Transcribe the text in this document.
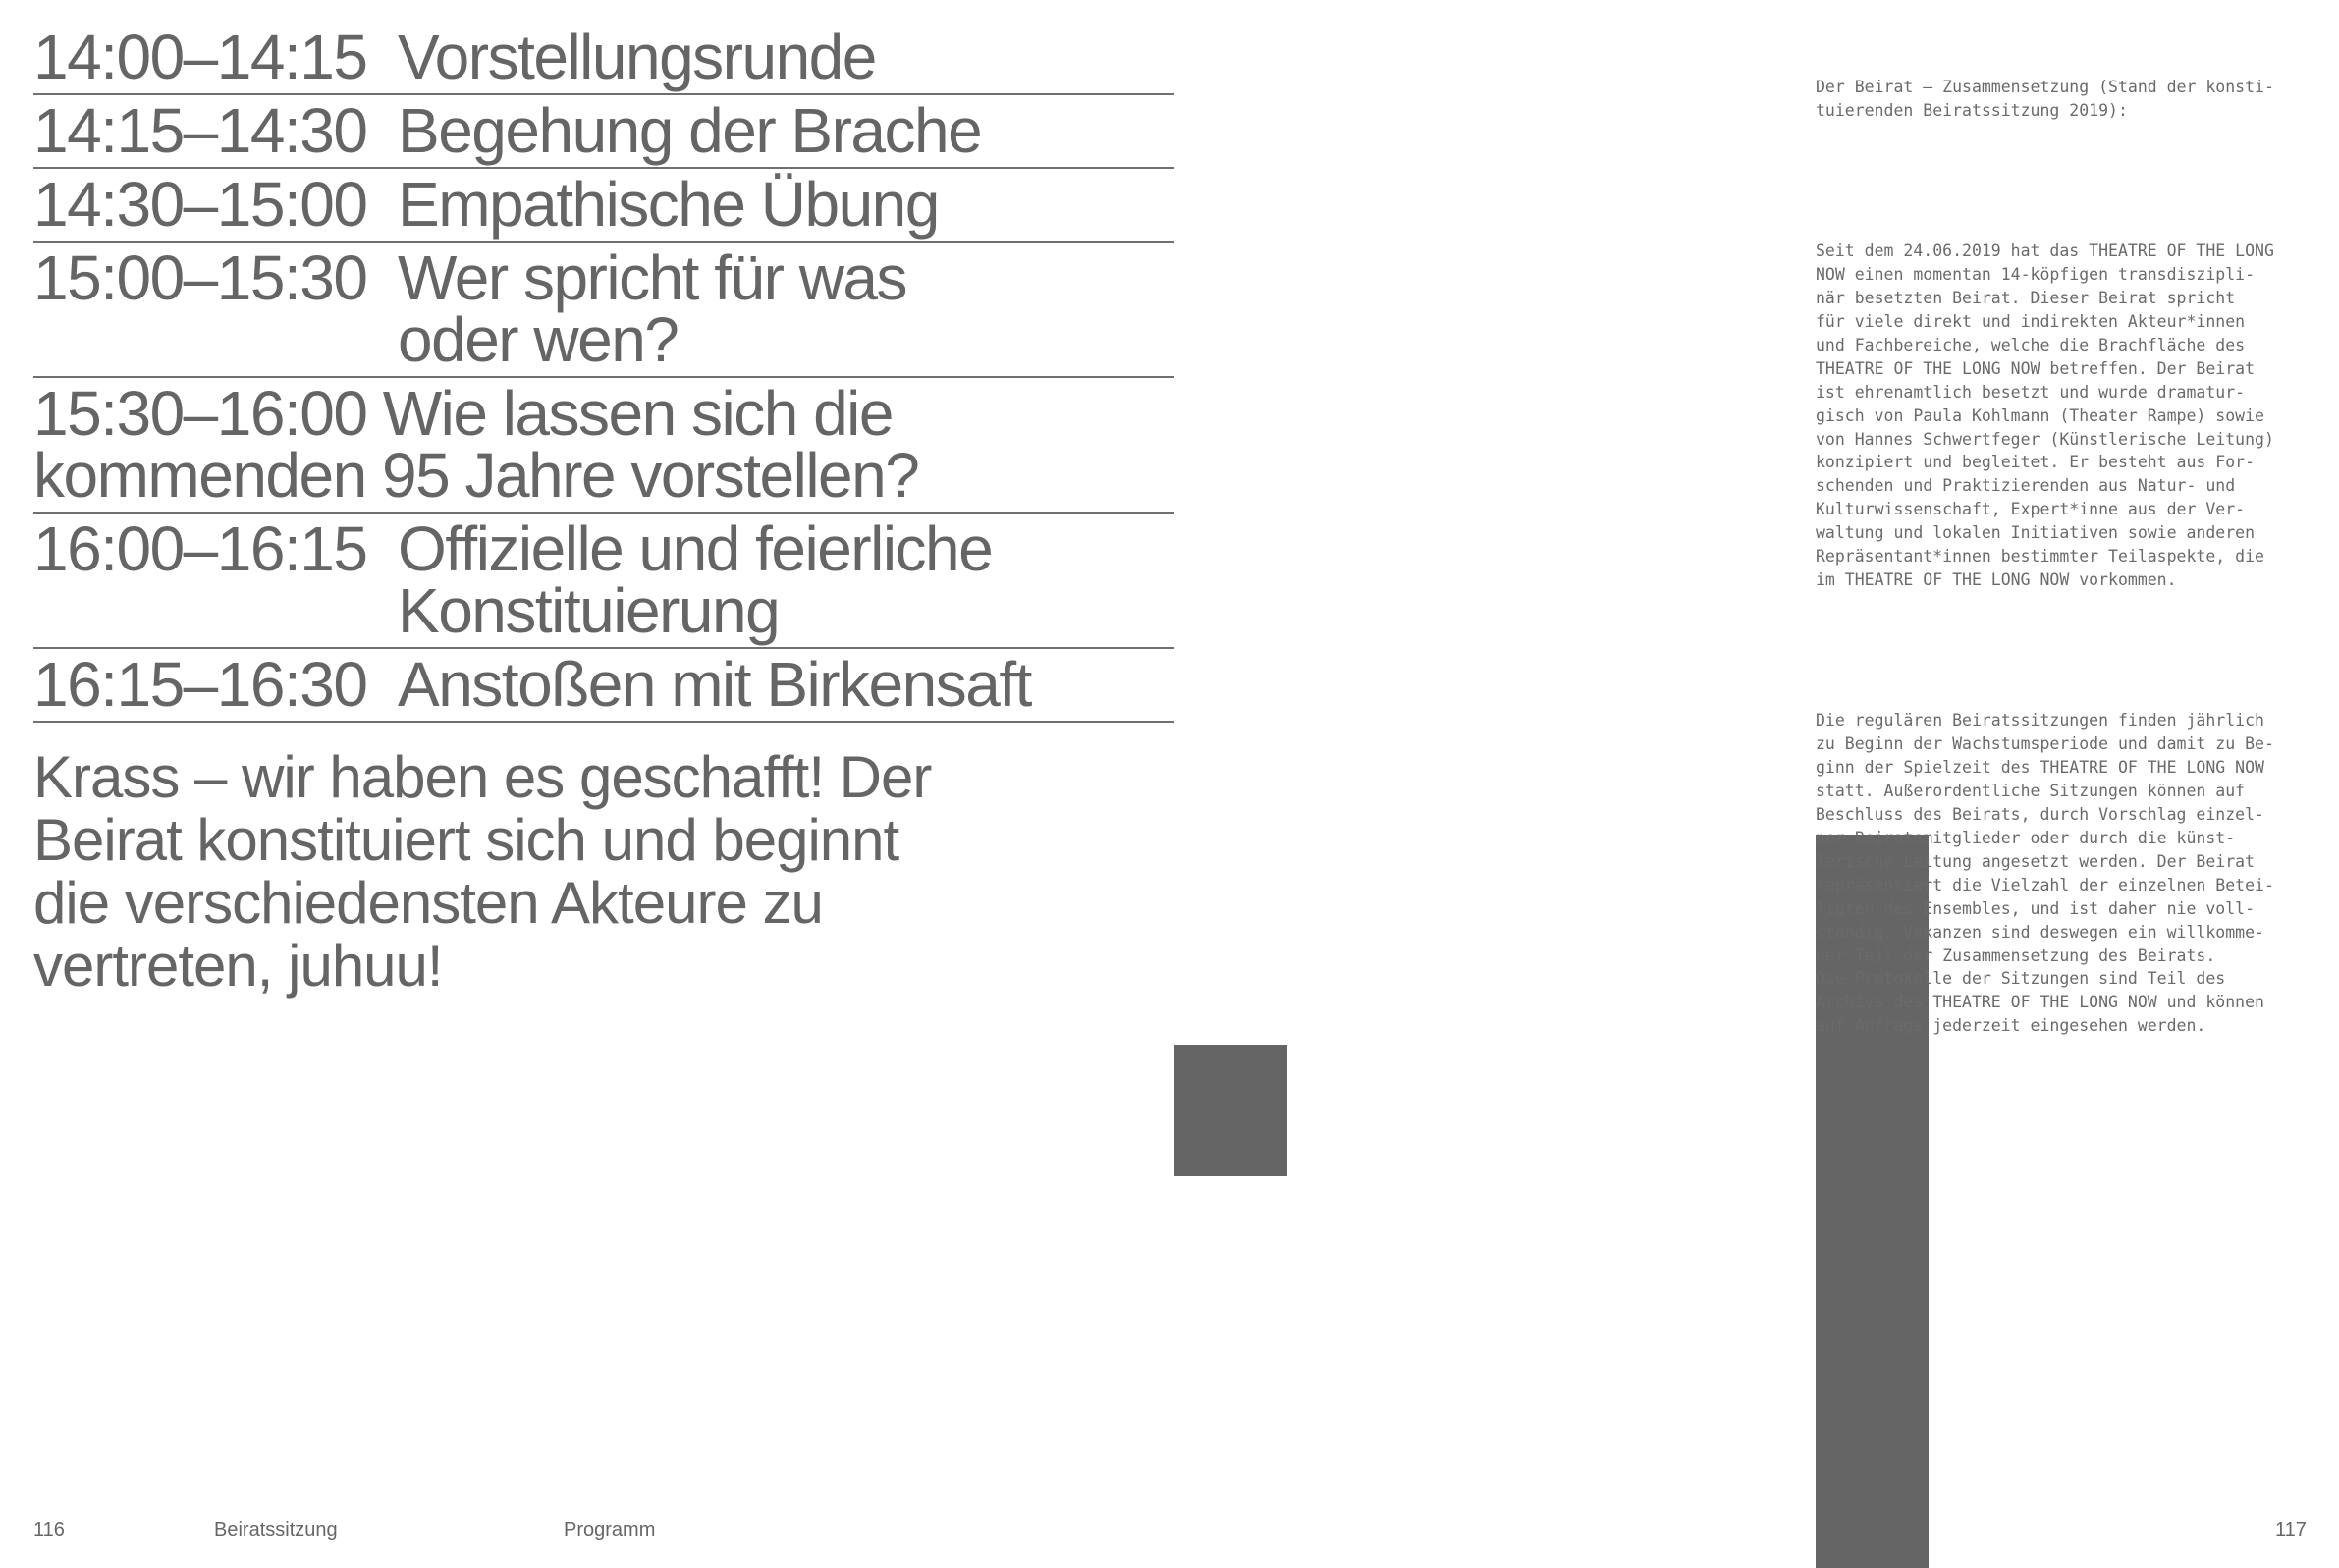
14:00–14:15 Vorstellungsrunde
14:15–14:30 Begehung der Brache
14:30–15:00 Empathische Übung
15:00–15:30 Wer spricht für was
oder wen?
15:30–16:00 Wie lassen sich die
kommenden 95 Jahre vorstellen?
16:00–16:15 Offizielle und feierliche
Konstituierung
16:15–16:30 Anstoßen mit Birkensaft
Krass – wir haben es geschafft! Der
Beirat konstituiert sich und beginnt
die verschiedensten Akteure zu
vertreten, juhuu!

Der Beirat – Zusammensetzung (Stand der konsti-

tuierenden Beiratssitzung 2019):

Seit dem 24.06.2019 hat das THEATRE OF THE LONG

NOW einen momentan 14-köpfigen transdiszipli-

när besetzten Beirat. Dieser Beirat spricht

für viele direkt und indirekten Akteur*innen

und Fachbereiche, welche die Brachfläche des

THEATRE OF THE LONG NOW betreffen. Der Beirat

ist ehrenamtlich besetzt und wurde dramatur-

gisch von Paula Kohlmann (Theater Rampe) sowie

von Hannes Schwertfeger (Künstlerische Leitung)

konzipiert und begleitet. Er besteht aus For-

schenden und Praktizierenden aus Natur- und

Kulturwissenschaft, Expert*inne aus der Ver-

waltung und lokalen Initiativen sowie anderen

Repräsentant*innen bestimmter Teilaspekte, die

im THEATRE OF THE LONG NOW vorkommen.

Die regulären Beiratssitzungen finden jährlich

zu Beginn der Wachstumsperiode und damit zu Be-

ginn der Spielzeit des THEATRE OF THE LONG NOW

statt. Außerordentliche Sitzungen können auf

Beschluss des Beirats, durch Vorschlag einzel-

ner Beiratsmitglieder oder durch die künst-

lerische Leitung angesetzt werden. Der Beirat

repräsentiert die Vielzahl der einzelnen Betei-

ligten des Ensembles, und ist daher nie voll-

ständig. Vakanzen sind deswegen ein willkomme-

ner Teil der Zusammensetzung des Beirats.

Die Protokolle der Sitzungen sind Teil des

Archivs des THEATRE OF THE LONG NOW und können

auf Anfrage jederzeit eingesehen werden.

116	Beiratssitzung	Programm	117
